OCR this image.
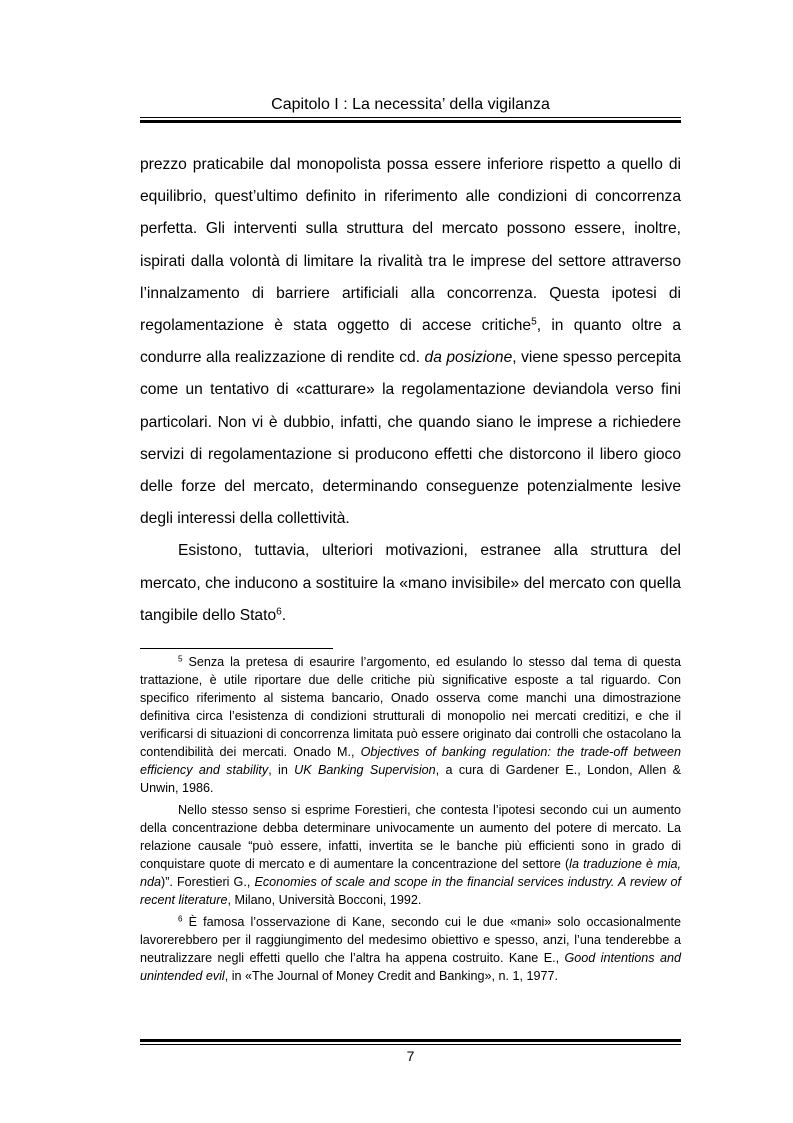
Capitolo I : La necessita’ della vigilanza

prezzo praticabile dal monopolista possa essere inferiore rispetto a quello di equilibrio, quest’ultimo definito in riferimento alle condizioni di concorrenza perfetta. Gli interventi sulla struttura del mercato possono essere, inoltre, ispirati dalla volontà di limitare la rivalità tra le imprese del settore attraverso l’innalzamento di barriere artificiali alla concorrenza. Questa ipotesi di regolamentazione è stata oggetto di accese critiche$^5$, in quanto oltre a condurre alla realizzazione di rendite cd. da posizione, viene spesso percepita come un tentativo di «catturare» la regolamentazione deviandola verso fini particolari. Non vi è dubbio, infatti, che quando siano le imprese a richiedere servizi di regolamentazione si producono effetti che distorcono il libero gioco delle forze del mercato, determinando conseguenze potenzialmente lesive degli interessi della collettività.

Esistono, tuttavia, ulteriori motivazioni, estranee alla struttura del mercato, che inducono a sostituire la «mano invisibile» del mercato con quella tangibile dello Stato$^6$.

$^5$ Senza la pretesa di esaurire l’argomento, ed esulando lo stesso dal tema di questa trattazione, è utile riportare due delle critiche più significative esposte a tal riguardo. Con specifico riferimento al sistema bancario, Onado osserva come manchi una dimostrazione definitiva circa l’esistenza di condizioni strutturali di monopolio nei mercati creditizi, e che il verificarsi di situazioni di concorrenza limitata può essere originato dai controlli che ostacolano la contendibilità dei mercati. Onado M., Objectives of banking regulation: the trade-off between efficiency and stability, in UK Banking Supervision, a cura di Gardener E., London, Allen & Unwin, 1986.

Nello stesso senso si esprime Forestieri, che contesta l’ipotesi secondo cui un aumento della concentrazione debba determinare univocamente un aumento del potere di mercato. La relazione causale “può essere, infatti, invertita se le banche più efficienti sono in grado di conquistare quote di mercato e di aumentare la concentrazione del settore (la traduzione è mia, nda)”. Forestieri G., Economies of scale and scope in the financial services industry. A review of recent literature, Milano, Università Bocconi, 1992.

$^6$ È famosa l’osservazione di Kane, secondo cui le due «mani» solo occasionalmente lavorerebbero per il raggiungimento del medesimo obiettivo e spesso, anzi, l’una tenderebbe a neutralizzare negli effetti quello che l’altra ha appena costruito. Kane E., Good intentions and unintended evil, in «The Journal of Money Credit and Banking», n. 1, 1977.

7
